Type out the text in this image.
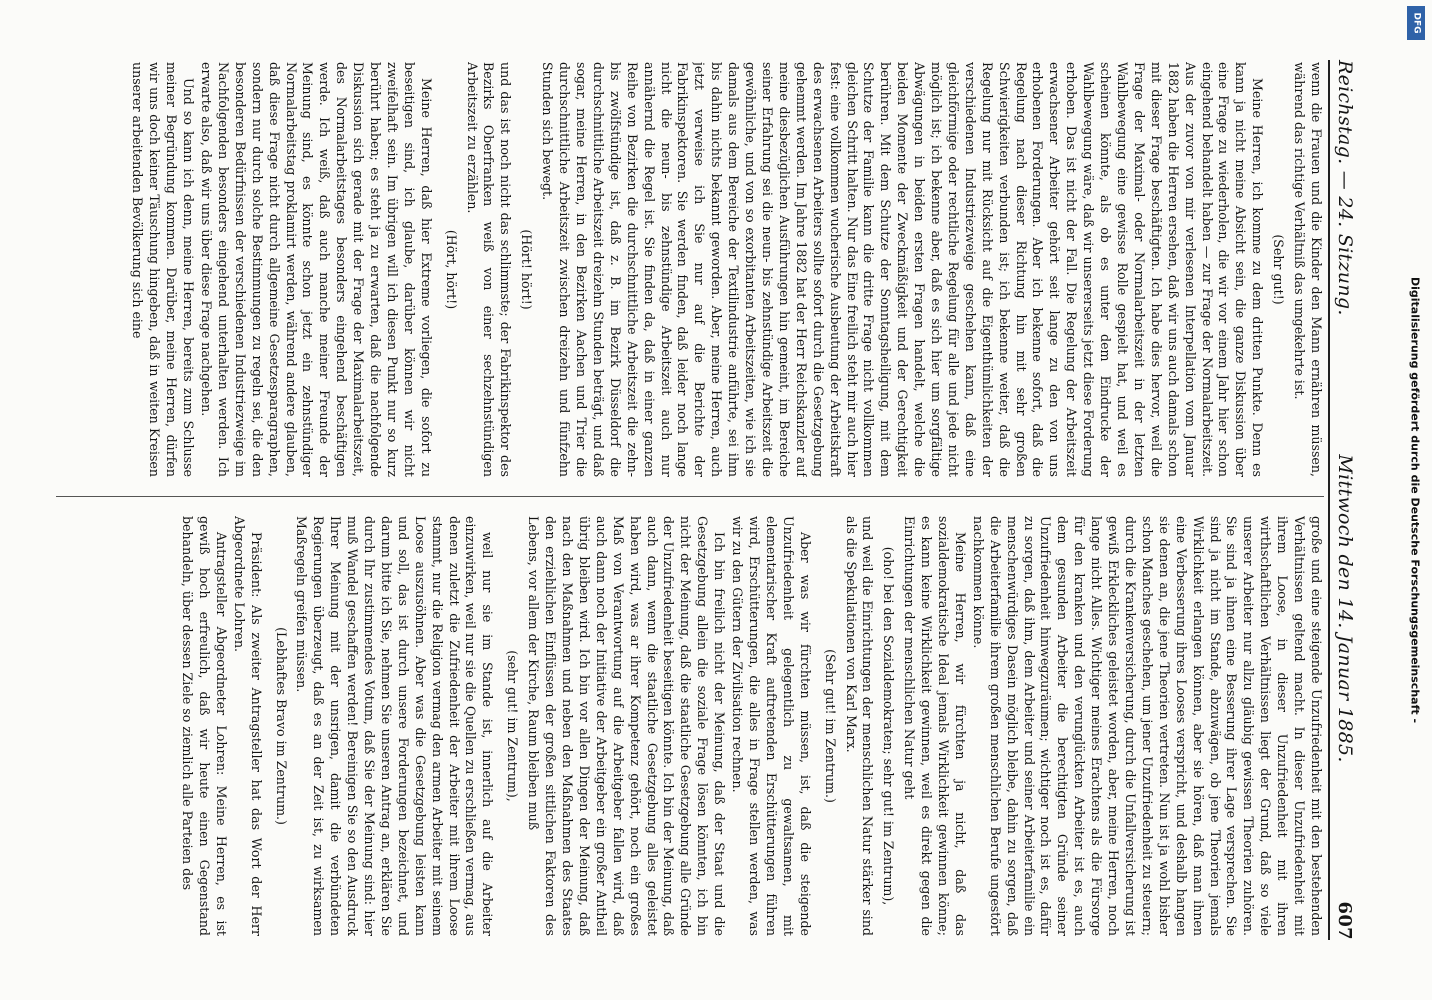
Reichstag. — 24. Sitzung.
Mittwoch den 14. Januar 1885.
607

wenn die Frauen und die Kinder den Mann ernähren müssen, während das richtige Verhältniß das umgekehrte ist.

(Sehr gut!)

Meine Herren, ich komme zu dem dritten Punkte. Denn es kann ja nicht meine Absicht sein, die ganze Diskussion über eine Frage zu wiederholen, die wir vor einem Jahr hier schon eingehend behandelt haben — zur Frage der Normalarbeitszeit. Aus der zuvor von mir verlesenen Interpellation vom Januar 1882 haben die Herren ersehen, daß wir uns auch damals schon mit dieser Frage beschäftigten. Ich habe dies hervor, weil die Frage der Maximal- oder Normalarbeitszeit in der letzten Wahlbewegung eine gewisse Rolle gespielt hat, und weil es scheinen könnte, als ob es unter dem Eindrucke der Wahlbewegung wäre, daß wir unsererseits jetzt diese Forderung erhoben. Das ist nicht der Fall. Die Regelung der Arbeitszeit erwachsener Arbeiter gehört seit lange zu den von uns erhobenen Forderungen. Aber ich bekenne sofort, daß die Regelung nach dieser Richtung hin mit sehr großen Schwierigkeiten verbunden ist; ich bekenne weiter, daß die Regelung nur mit Rücksicht auf die Eigenthümlichkeiten der verschiedenen Industriezweige geschehen kann, daß eine gleichförmige oder rechtliche Regelung für alle und jede nicht möglich ist; ich bekenne aber, daß es sich hier um sorgfältige Abwägungen in beiden ersten Fragen handelt, welche die beiden Momente der Zweckmäßigkeit und der Gerechtigkeit berühren. Mit dem Schutze der Sonntagsheiligung, mit dem Schutze der Familie kann die dritte Frage nicht vollkommen gleichen Schritt halten. Nur das Eine freilich steht mir auch hier fest: eine vollkommen wucherische Ausbeutung der Arbeitskraft des erwachsenen Arbeiters sollte sofort durch die Gesetzgebung gehemmt werden. Im Jahre 1882 hat der Herr Reichskanzler auf meine diesbezüglichen Ausführungen hin gemeint, im Bereiche seiner Erfahrung sei die neun- bis zehnstündige Arbeitszeit die gewöhnliche, und von so exorbitanten Arbeitszeiten, wie ich sie damals aus dem Bereiche der Textilindustrie anführte, sei ihm bis dahin nichts bekannt geworden. Aber, meine Herren, auch jetzt verweise ich Sie nur auf die Berichte der Fabrikinspektoren. Sie werden finden, daß leider noch lange nicht die neun- bis zehnstündige Arbeitszeit auch nur annähernd die Regel ist. Sie finden da, daß in einer ganzen Reihe von Bezirken die durchschnittliche Arbeitszeit die zehn- bis zwölfstündige ist, daß z. B. im Bezirk Düsseldorf die durchschnittliche Arbeitszeit dreizehn Stunden beträgt, und daß sogar, meine Herren, in den Bezirken Aachen und Trier die durchschnittliche Arbeitszeit zwischen dreizehn und fünfzehn Stunden sich bewegt.

(Hört! hört!)

und das ist noch nicht das schlimmste; der Fabrikinspektor des Bezirks Oberfranken weiß von einer sechzehnstündigen Arbeitszeit zu erzählen.

(Hört, hört!)

Meine Herren, daß hier Extreme vorliegen, die sofort zu beseitigen sind, ich glaube, darüber können wir nicht zweifelhaft sein. Im übrigen will ich diesen Punkt nur so kurz berührt haben; es steht ja zu erwarten, daß die nachfolgende Diskussion sich gerade mit der Frage der Maximalarbeitszeit, des Normalarbeitstages besonders eingehend beschäftigen werde. Ich weiß, daß auch manche meiner Freunde der Meinung sind, es könnte schon jetzt ein zehnstündiger Normalarbeitstag proklamirt werden, während andere glauben, daß diese Frage nicht durch allgemeine Gesetzesparagraphen, sondern nur durch solche Bestimmungen zu regeln sei, die den besonderen Bedürfnissen der verschiedenen Industriezweige im Nachfolgenden besonders eingehend unterhalten werden. Ich erwarte also, daß wir uns über diese Frage nachgehen.

Und so kann ich denn, meine Herren, bereits zum Schlusse meiner Begründung kommen. Darüber, meine Herren, dürfen wir uns doch keiner Täuschung hingeben, daß in weiten Kreisen unserer arbeitenden Bevölkerung sich eine

große und eine steigende Unzufriedenheit mit den bestehenden Verhältnissen geltend macht. In dieser Unzufriedenheit mit ihrem Loose, in dieser Unzufriedenheit mit ihren wirthschaftlichen Verhältnissen liegt der Grund, daß so viele unserer Arbeiter nur allzu gläubig gewissen Theorien zuhören. Sie sind ja ihnen eine Besserung ihrer Lage versprechen. Sie sind ja nicht im Stande, abzuwägen, ob jene Theorien jemals Wirklichkeit erlangen können, aber sie hören, daß man ihnen eine Verbesserung ihres Looses verspricht, und deshalb hangen sie denen an, die jene Theorien vertreten. Nun ist ja wohl bisher schon Manches geschehen, um jener Unzufriedenheit zu steuern; durch die Krankenversicherung, durch die Unfallversicherung ist gewiß Erkleckliches geleistet worden, aber, meine Herren, noch lange nicht Alles. Wichtiger meines Erachtens als die Fürsorge für den kranken und den verunglückten Arbeiter ist es, auch dem gesunden Arbeiter die berechtigten Gründe seiner Unzufriedenheit hinwegzuräumen; wichtiger noch ist es, dafür zu sorgen, daß ihm, dem Arbeiter und seiner Arbeiterfamilie ein menschenwürdiges Dasein möglich bleibe, dahin zu sorgen, daß die Arbeiterfamilie ihrem großen menschlichen Berufe ungestört nachkommen könne.

Meine Herren, wir fürchten ja nicht, daß das sozialdemokratische Ideal jemals Wirklichkeit gewinnen könne; es kann keine Wirklichkeit gewinnen, weil es direkt gegen die Einrichtungen der menschlichen Natur geht

(oho! bei den Sozialdemokraten; sehr gut! im Zentrum),

und weil die Einrichtungen der menschlichen Natur stärker sind als die Spekulationen von Karl Marx.

(Sehr gut! im Zentrum.)

Aber was wir fürchten müssen, ist, daß die steigende Unzufriedenheit gelegentlich zu gewaltsamen, mit elementarischer Kraft auftretenden Erschütterungen führen wird, Erschütterungen, die alles in Frage stellen werden, was wir zu den Gütern der Zivilisation rechnen.

Ich bin freilich nicht der Meinung, daß der Staat und die Gesetzgebung allein die soziale Frage lösen könnten, ich bin nicht der Meinung, daß die staatliche Gesetzgebung alle Gründe der Unzufriedenheit beseitigen könnte. Ich bin der Meinung, daß auch dann, wenn die staatliche Gesetzgebung alles geleistet haben wird, was ar ihrer Kompetenz gehört, noch ein großes Maß von Verantwortung auf die Arbeitgeber fallen wird, daß auch dann noch der Initiative der Arbeitgeber ein großer Antheil übrig bleiben wird. Ich bin vor allen Dingen der Meinung, daß nach den Maßnahmen und neben den Maßnahmen des Staates den erziehlichen Einflüssen der großen sittlichen Faktoren des Lebens, vor allem der Kirche, Raum bleiben muß

(sehr gut! im Zentrum),

weil nur sie im Stande ist, innerlich auf die Arbeiter einzuwirken, weil nur sie die Quellen zu erschließen vermag, aus denen zuletzt die Zufriedenheit der Arbeiter mit ihrem Loose stammt, nur die Religion vermag den armen Arbeiter mit seinem Loose auszusöhnen. Aber was die Gesetzgebung leisten kann und soll, das ist durch unsere Forderungen bezeichnet, und darum bitte ich Sie, nehmen Sie unseren Antrag an, erklären Sie durch Ihr zustimmendes Votum, daß Sie der Meinung sind: hier muß Wandel geschaffen werden! Bereinigen Sie so den Ausdruck Ihrer Meinung mit der unsrigen, damit die verbündeten Regierungen überzeugt, daß es an der Zeit ist, zu wirksamen Maßregeln greifen müssen.

(Lebhaftes Bravo im Zentrum.)

Präsident: Als zweiter Antragsteller hat das Wort der Herr Abgeordnete Lohren.

Antragsteller Abgeordneter Lohren: Meine Herren, es ist gewiß hoch erfreulich, daß wir heute einen Gegenstand behandeln, über dessen Ziele so ziemlich alle Parteien des	Digitalisierung gefördert durch die Deutsche Forschungsgemeinschaft -
DFG
